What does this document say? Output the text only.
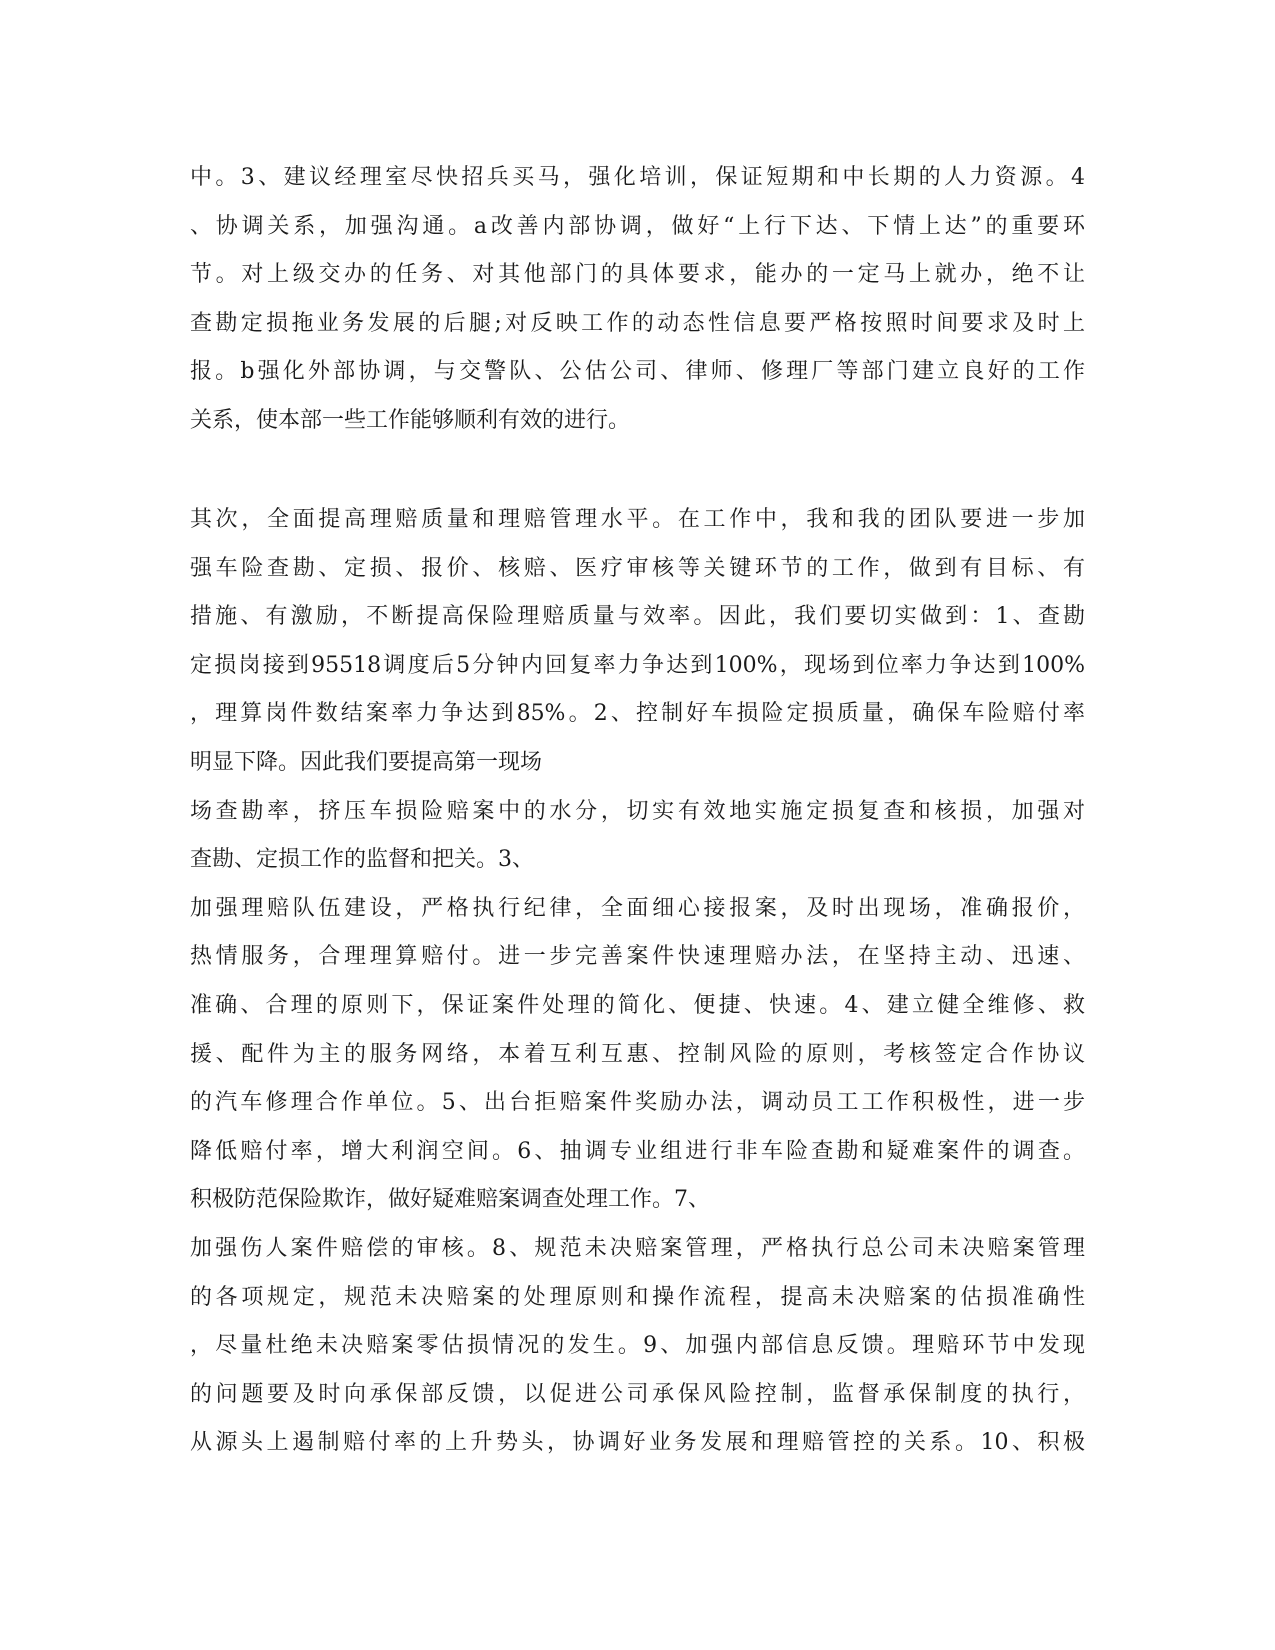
中。3、建议经理室尽快招兵买马，强化培训，保证短期和中长期的人力资源。4
、协调关系，加强沟通。a改善内部协调，做好“上行下达、下情上达”的重要环
节。对上级交办的任务、对其他部门的具体要求，能办的一定马上就办，绝不让
查勘定损拖业务发展的后腿;对反映工作的动态性信息要严格按照时间要求及时上
报。b强化外部协调，与交警队、公估公司、律师、修理厂等部门建立良好的工作
关系，使本部一些工作能够顺利有效的进行。
其次，全面提高理赔质量和理赔管理水平。在工作中，我和我的团队要进一步加
强车险查勘、定损、报价、核赔、医疗审核等关键环节的工作，做到有目标、有
措施、有激励，不断提高保险理赔质量与效率。因此，我们要切实做到：1、查勘
定损岗接到95518调度后5分钟内回复率力争达到100%，现场到位率力争达到100%
，理算岗件数结案率力争达到85%。2、控制好车损险定损质量，确保车险赔付率
明显下降。因此我们要提高第一现场
场查勘率，挤压车损险赔案中的水分，切实有效地实施定损复查和核损，加强对
查勘、定损工作的监督和把关。3、
加强理赔队伍建设，严格执行纪律，全面细心接报案，及时出现场，准确报价，
热情服务，合理理算赔付。进一步完善案件快速理赔办法，在坚持主动、迅速、
准确、合理的原则下，保证案件处理的简化、便捷、快速。4、建立健全维修、救
援、配件为主的服务网络，本着互利互惠、控制风险的原则，考核签定合作协议
的汽车修理合作单位。5、出台拒赔案件奖励办法，调动员工工作积极性，进一步
降低赔付率，增大利润空间。6、抽调专业组进行非车险查勘和疑难案件的调查。
积极防范保险欺诈，做好疑难赔案调查处理工作。7、
加强伤人案件赔偿的审核。8、规范未决赔案管理，严格执行总公司未决赔案管理
的各项规定，规范未决赔案的处理原则和操作流程，提高未决赔案的估损准确性
，尽量杜绝未决赔案零估损情况的发生。9、加强内部信息反馈。理赔环节中发现
的问题要及时向承保部反馈，以促进公司承保风险控制，监督承保制度的执行，
从源头上遏制赔付率的上升势头，协调好业务发展和理赔管控的关系。10、积极
